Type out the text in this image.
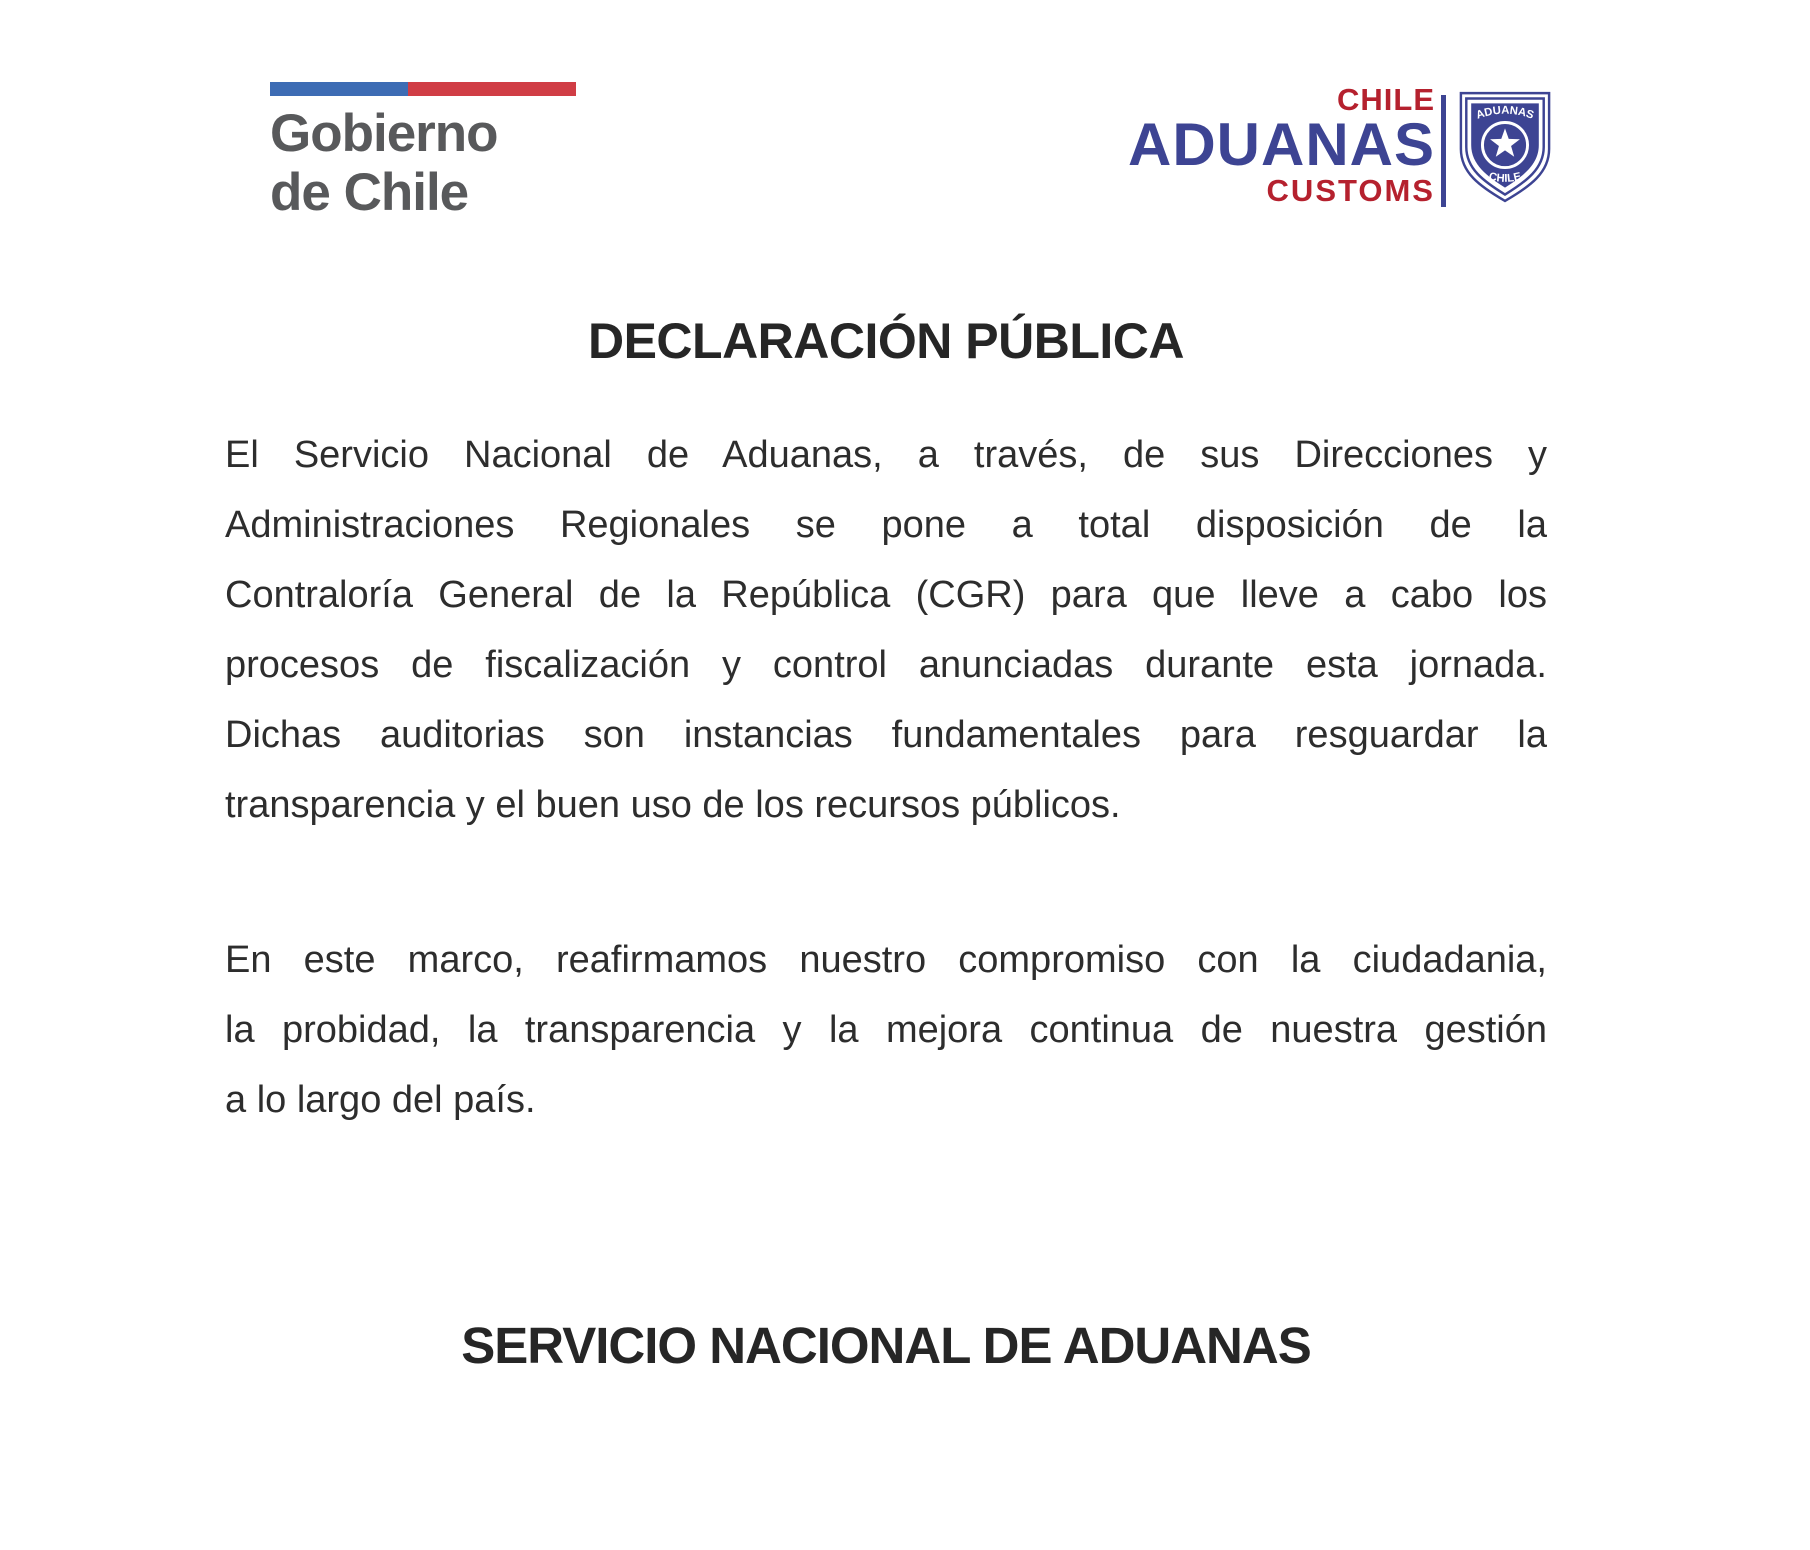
Gobierno
de Chile
CHILE
ADUANAS
CUSTOMS
ADUANAS
CHILE
DECLARACIÓN PÚBLICA
El Servicio Nacional de Aduanas, a través, de sus Direcciones y
Administraciones Regionales se pone a total disposición de la
Contraloría General de la República (CGR) para que lleve a cabo los
procesos de fiscalización y control anunciadas durante esta jornada.
Dichas auditorias son instancias fundamentales para resguardar la
transparencia y el buen uso de los recursos públicos.
En este marco, reafirmamos nuestro compromiso con la ciudadania,
la probidad, la transparencia y la mejora continua de nuestra gestión
a lo largo del país.
SERVICIO NACIONAL DE ADUANAS
